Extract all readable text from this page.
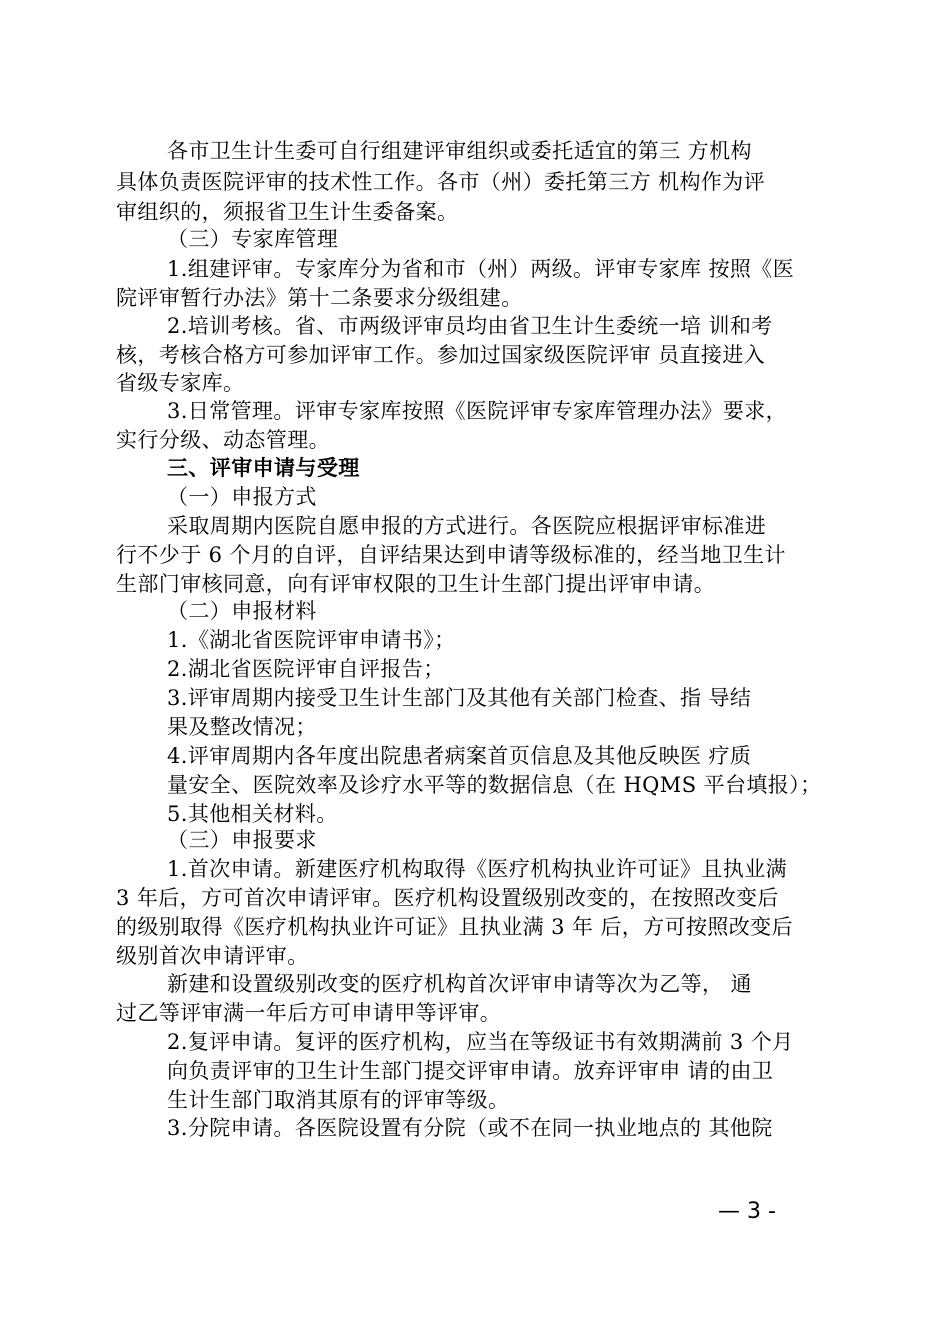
各市卫生计生委可自行组建评审组织或委托适宜的第三 方机构
具体负责医院评审的技术性工作。各市（州）委托第三方 机构作为评
审组织的，须报省卫生计生委备案。
（三）专家库管理
1.组建评审。专家库分为省和市（州）两级。评审专家库 按照《医
院评审暂行办法》第十二条要求分级组建。
2.培训考核。省、市两级评审员均由省卫生计生委统一培 训和考
核，考核合格方可参加评审工作。参加过国家级医院评审 员直接进入
省级专家库。
3.日常管理。评审专家库按照《医院评审专家库管理办法》要求，
实行分级、动态管理。
三、评审申请与受理
（一）申报方式
采取周期内医院自愿申报的方式进行。各医院应根据评审标准进
行不少于 6 个月的自评，自评结果达到申请等级标准的，经当地卫生计
生部门审核同意，向有评审权限的卫生计生部门提出评审申请。
（二）申报材料
1.《湖北省医院评审申请书》；
2.湖北省医院评审自评报告；
3.评审周期内接受卫生计生部门及其他有关部门检查、指 导结
果及整改情况；
4.评审周期内各年度出院患者病案首页信息及其他反映医 疗质
量安全、医院效率及诊疗水平等的数据信息（在 HQMS 平台填报）；
5.其他相关材料。
（三）申报要求
1.首次申请。新建医疗机构取得《医疗机构执业许可证》且执业满
3 年后，方可首次申请评审。医疗机构设置级别改变的，在按照改变后
的级别取得《医疗机构执业许可证》且执业满 3 年 后，方可按照改变后
级别首次申请评审。
新建和设置级别改变的医疗机构首次评审申请等次为乙等， 通
过乙等评审满一年后方可申请甲等评审。
2.复评申请。复评的医疗机构，应当在等级证书有效期满前 3 个月
向负责评审的卫生计生部门提交评审申请。放弃评审申 请的由卫
生计生部门取消其原有的评审等级。
3.分院申请。各医院设置有分院（或不在同一执业地点的 其他院
— 3 -
